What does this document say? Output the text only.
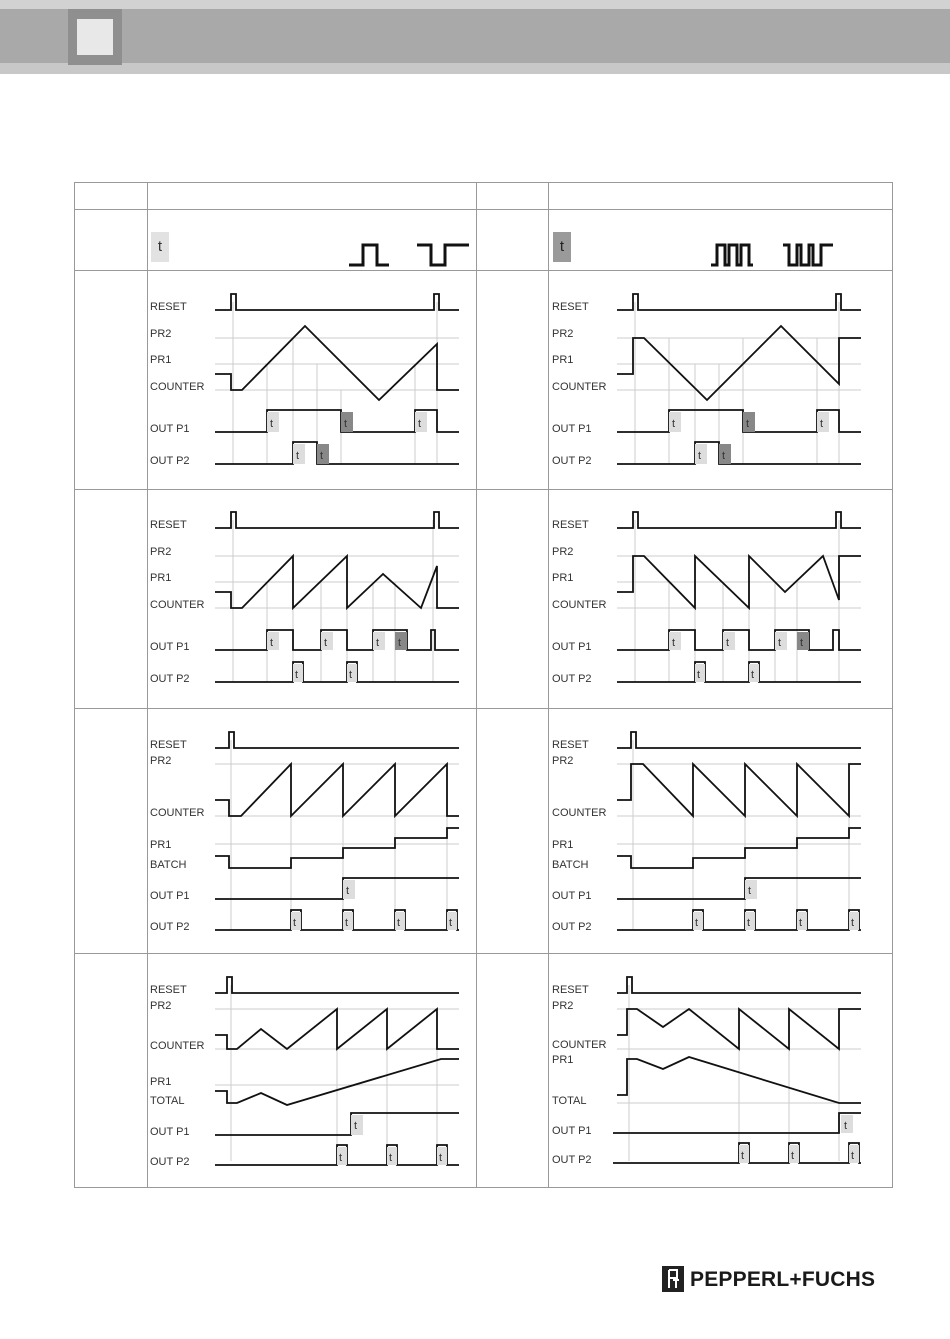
t	t
RESET
PR2
PR1
COUNTER
OUT P1
OUT P2
t	t	t
t t
RESET
PR2
PR1
COUNTER
OUT P1
OUT P2
t	t	t
t t
RESET
PR2
PR1
COUNTER
OUT P1
OUT P2
t	t	t t
t	t
RESET
PR2
PR1
COUNTER
OUT P1
OUT P2
t	t	t t
t	t
RESET
PR2
COUNTER
PR1
BATCH
OUT P1
OUT P2
t
t	t	t	t
RESET
PR2
COUNTER
PR1
BATCH
OUT P1
OUT P2
t
t	t	t	t
RESET
PR2
COUNTER
PR1
TOTAL
OUT P1
OUT P2
t
t	t	t
RESET
PR2
COUNTER
PR1
TOTAL
OUT P1
OUT P2
t
t	t	t
PEPPERL+FUCHS
